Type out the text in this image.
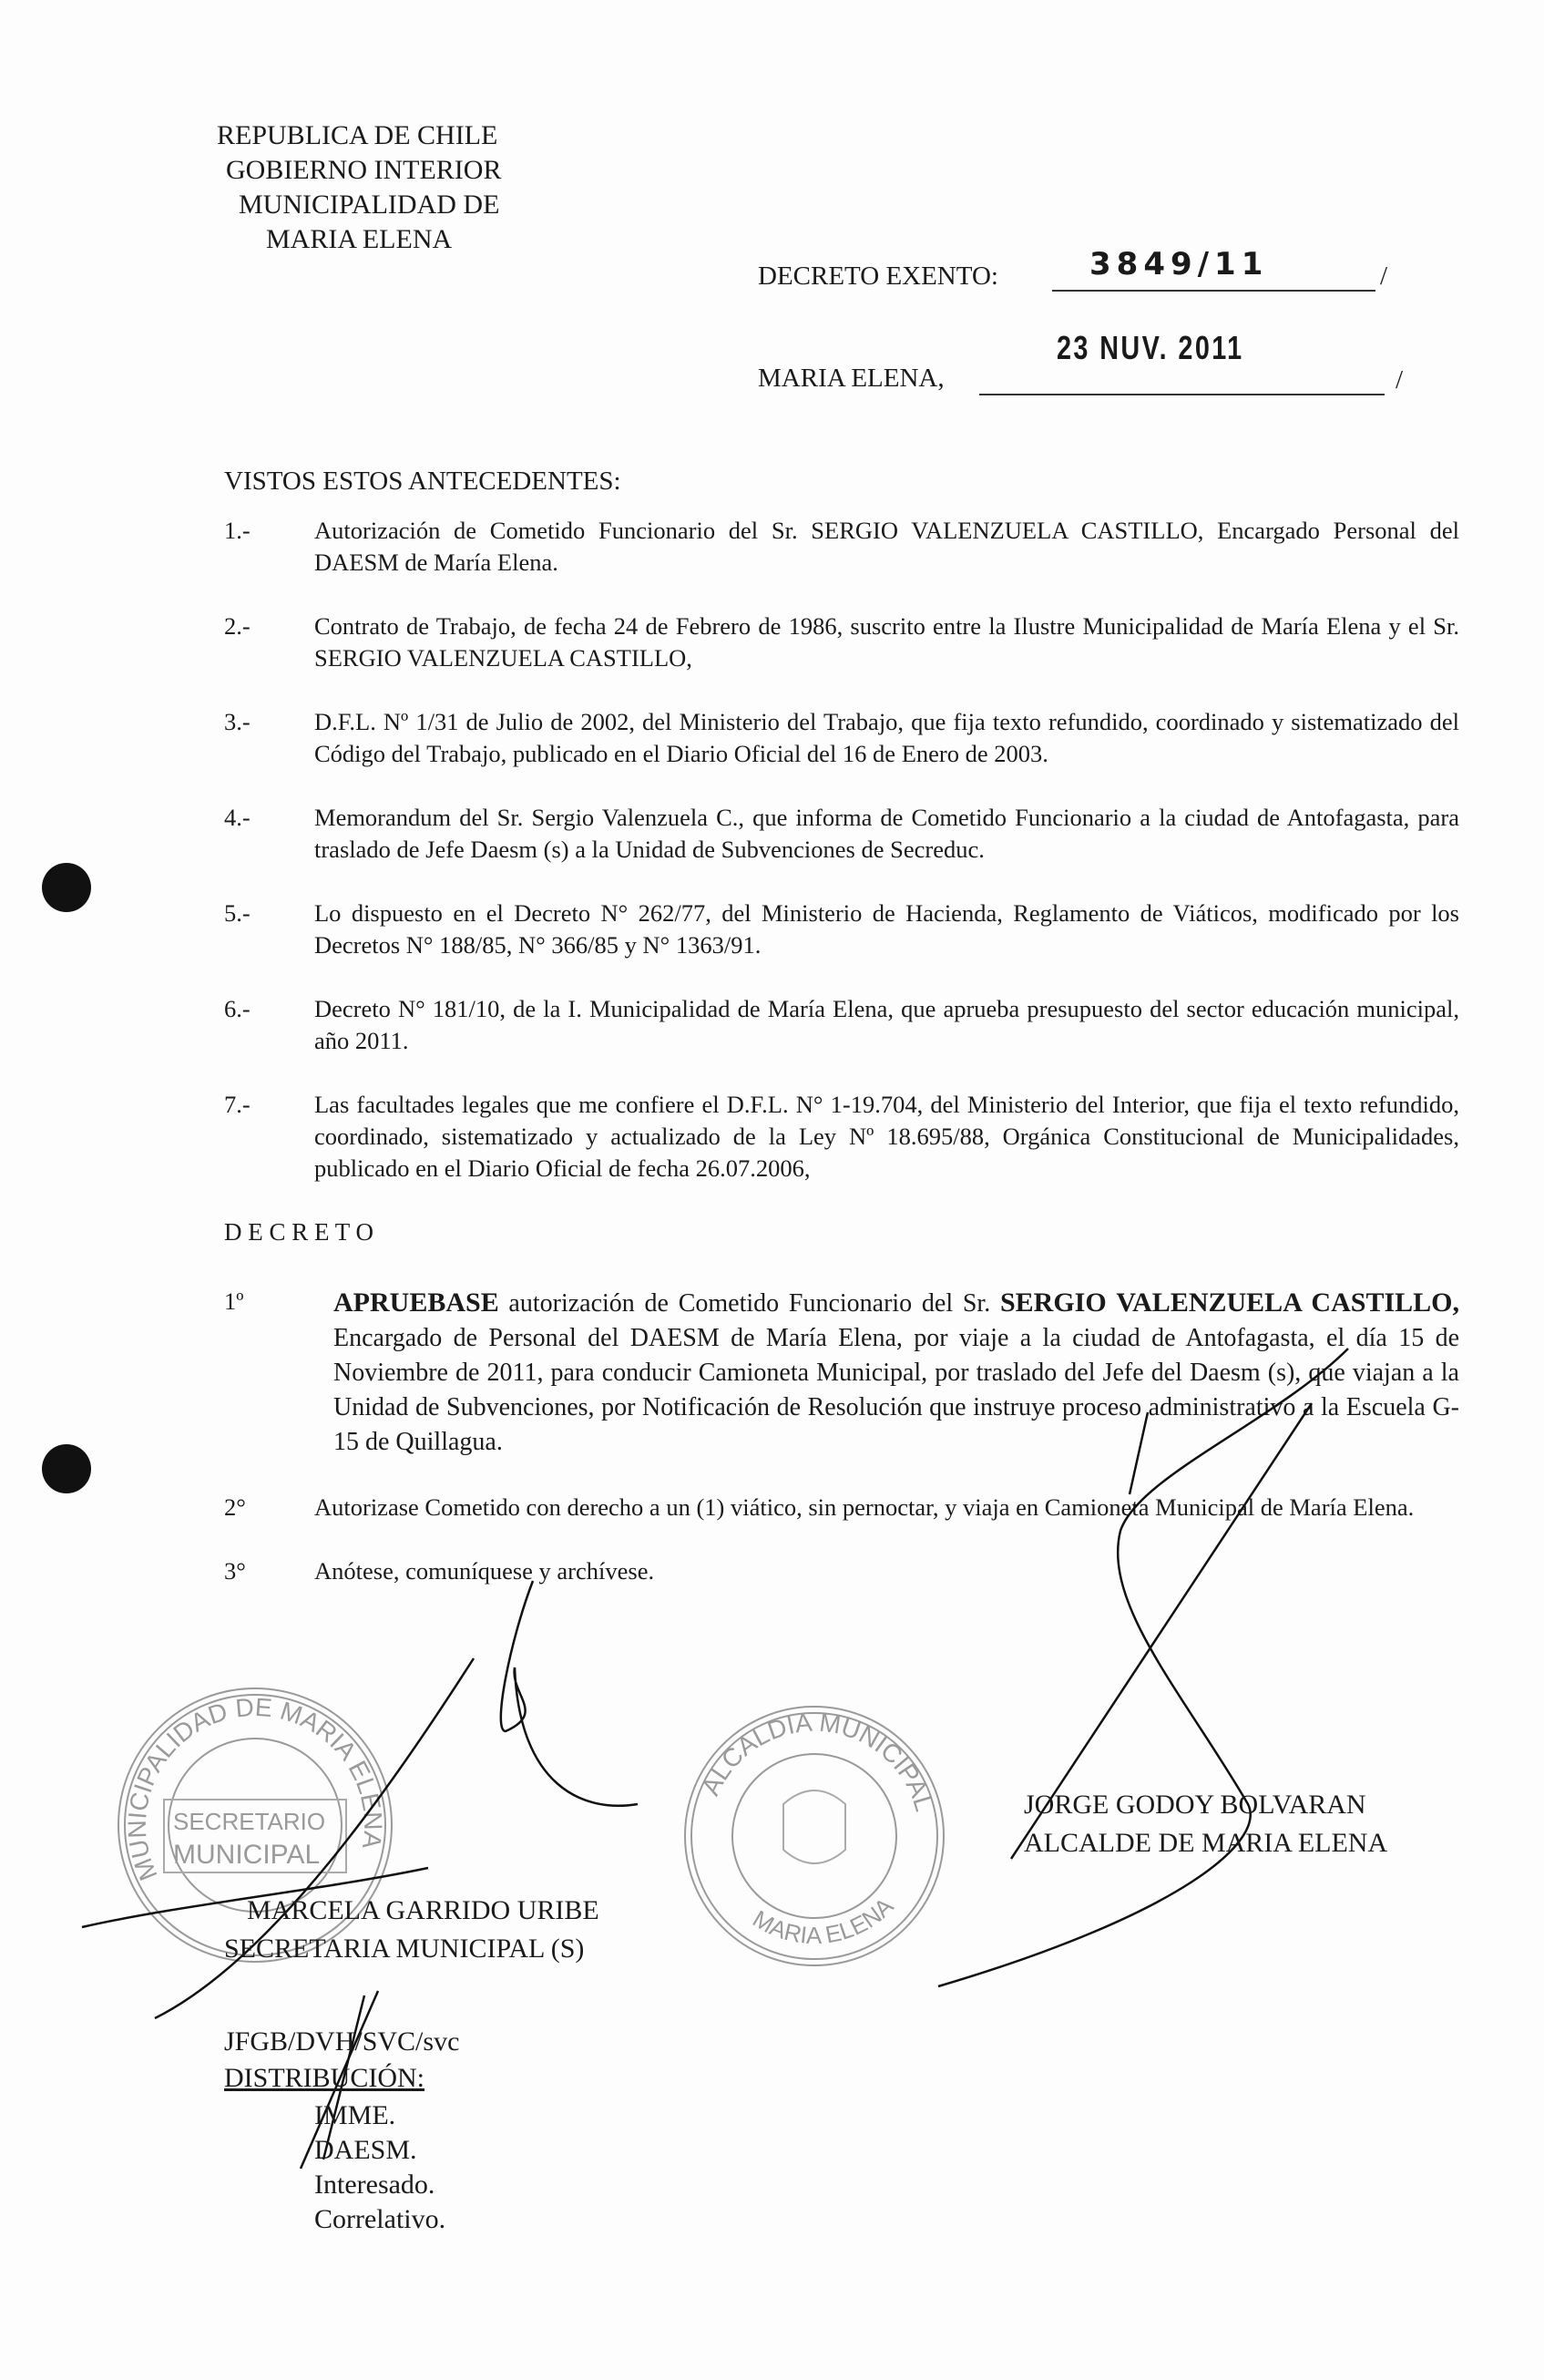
REPUBLICA DE CHILE
GOBIERNO INTERIOR
MUNICIPALIDAD DE
MARIA ELENA
DECRETO EXENTO:	3849/11	/
MARIA ELENA,
23 NUV. 2011
/
VISTOS ESTOS ANTECEDENTES:
1.-	Autorización de Cometido Funcionario del Sr. SERGIO VALENZUELA CASTILLO, Encargado Personal del DAESM de María Elena.
2.-	Contrato de Trabajo, de fecha 24 de Febrero de 1986, suscrito entre la Ilustre Municipalidad de María Elena y el Sr. SERGIO VALENZUELA CASTILLO,
3.-	D.F.L. Nº 1/31 de Julio de 2002, del Ministerio del Trabajo, que fija texto refundido, coordinado y sistematizado del Código del Trabajo, publicado en el Diario Oficial del 16 de Enero de 2003.
4.-	Memorandum del Sr. Sergio Valenzuela C., que informa de Cometido Funcionario a la ciudad de Antofagasta, para traslado de Jefe Daesm (s) a la Unidad de Subvenciones de Secreduc.
5.-	Lo dispuesto en el Decreto N° 262/77, del Ministerio de Hacienda, Reglamento de Viáticos, modificado por los Decretos N° 188/85, N° 366/85 y N° 1363/91.
6.-	Decreto N° 181/10, de la I. Municipalidad de María Elena, que aprueba presupuesto del sector educación municipal, año 2011.
7.-	Las facultades legales que me confiere el D.F.L. N° 1-19.704, del Ministerio del Interior, que fija el texto refundido, coordinado, sistematizado y actualizado de la Ley Nº 18.695/88, Orgánica Constitucional de Municipalidades, publicado en el Diario Oficial de fecha 26.07.2006,
D E C R E T O
1º	APRUEBASE autorización de Cometido Funcionario del Sr. SERGIO VALENZUELA CASTILLO, Encargado de Personal del DAESM de María Elena, por viaje a la ciudad de Antofagasta, el día 15 de Noviembre de 2011, para conducir Camioneta Municipal, por traslado del Jefe del Daesm (s), que viajan a la Unidad de Subvenciones, por Notificación de Resolución que instruye proceso administrativo a la Escuela G-15 de Quillagua.
2°	Autorizase Cometido con derecho a un (1) viático, sin pernoctar, y viaja en Camioneta Municipal de María Elena.
3°	Anótese, comuníquese y archívese.
MUNICIPALIDAD DE MARIA ELENA
SECRETARIO
MUNICIPAL
ALCALDIA MUNICIPAL
MARIA ELENA
JORGE GODOY BOLVARAN
ALCALDE DE MARIA ELENA
MARCELA GARRIDO URIBE
SECRETARIA MUNICIPAL (S)
JFGB/DVH/SVC/svc
DISTRIBUCIÓN:
IMME.
DAESM.
Interesado.
Correlativo.
